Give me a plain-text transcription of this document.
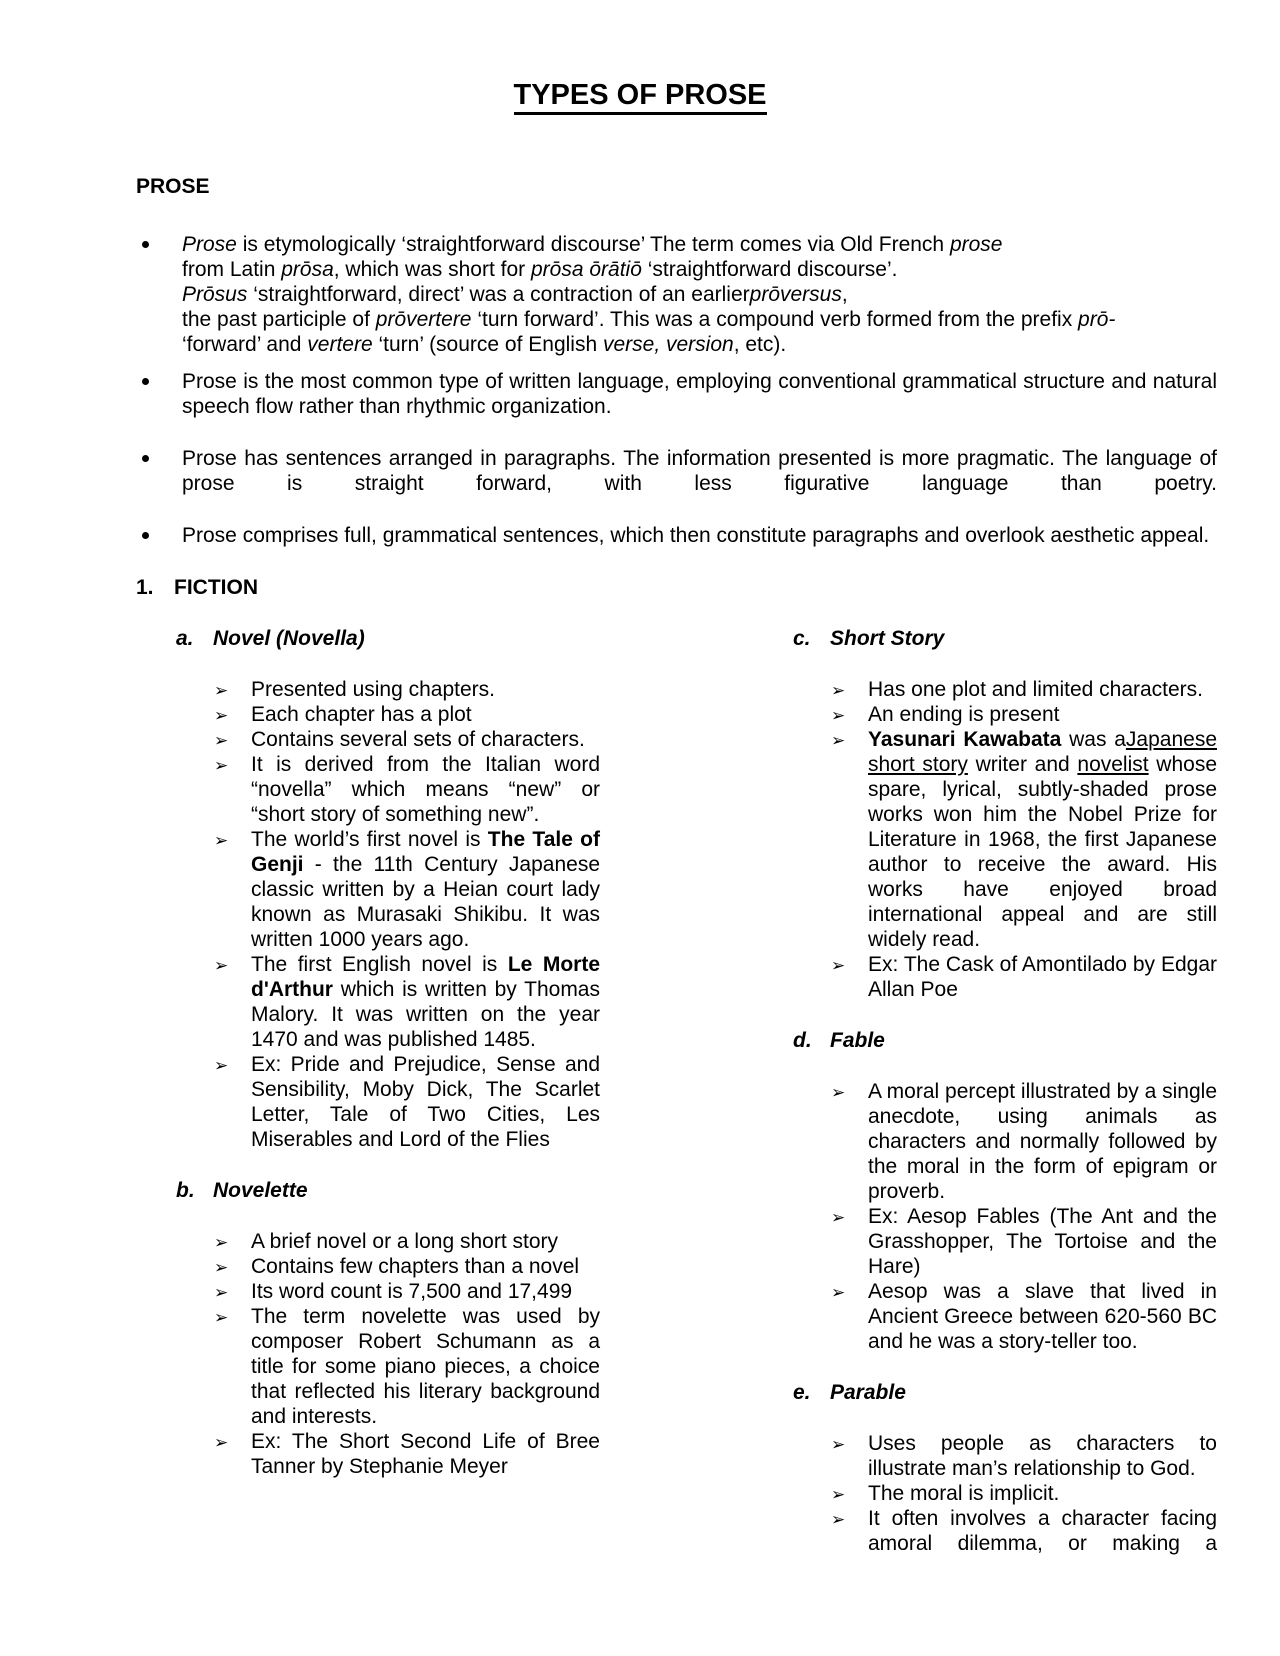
TYPES OF PROSE
PROSE
Prose is etymologically ‘straightforward discourse’ The term comes via Old French prose
from Latin prōsa, which was short for prōsa ōrātiō ‘straightforward discourse’.
Prōsus ‘straightforward, direct’ was a contraction of an earlierprōversus,
the past participle of prōvertere ‘turn forward’. This was a compound verb formed from the prefix prō-
‘forward’ and vertere ‘turn’ (source of English verse, version, etc).
Prose is the most common type of written language, employing conventional grammatical structure and natural speech flow rather than rhythmic organization.
Prose has sentences arranged in paragraphs. The information presented is more pragmatic. The language of prose is straight forward, with less figurative language than poetry.
Prose comprises full, grammatical sentences, which then constitute paragraphs and overlook aesthetic appeal.
1. FICTION
a. Novel (Novella)
➢ Presented using chapters.
➢ Each chapter has a plot
➢ Contains several sets of characters.
➢ It is derived from the Italian word “novella” which means “new” or “short story of something new”.
➢ The world’s first novel is The Tale of Genji - the 11th Century Japanese classic written by a Heian court lady known as Murasaki Shikibu. It was written 1000 years ago.
➢ The first English novel is Le Morte d'Arthur which is written by Thomas Malory. It was written on the year 1470 and was published 1485.
➢ Ex: Pride and Prejudice, Sense and Sensibility, Moby Dick, The Scarlet Letter, Tale of Two Cities, Les Miserables and Lord of the Flies
b. Novelette
➢ A brief novel or a long short story
➢ Contains few chapters than a novel
➢ Its word count is 7,500 and 17,499
➢ The term novelette was used by composer Robert Schumann as a title for some piano pieces, a choice that reflected his literary background and interests.
➢ Ex: The Short Second Life of Bree Tanner by Stephanie Meyer
c. Short Story
➢ Has one plot and limited characters.
➢ An ending is present
➢ Yasunari Kawabata was aJapanese short story writer and novelist whose spare, lyrical, subtly-shaded prose works won him the Nobel Prize for Literature in 1968, the first Japanese author to receive the award. His works have enjoyed broad international appeal and are still widely read.
➢ Ex: The Cask of Amontilado by Edgar Allan Poe
d. Fable
➢ A moral percept illustrated by a single anecdote, using animals as characters and normally followed by the moral in the form of epigram or proverb.
➢ Ex: Aesop Fables (The Ant and the Grasshopper, The Tortoise and the Hare)
➢ Aesop was a slave that lived in Ancient Greece between 620-560 BC and he was a story-teller too.
e. Parable
➢ Uses people as characters to illustrate man’s relationship to God.
➢ The moral is implicit.
➢ It often involves a character facing amoral dilemma, or making a
